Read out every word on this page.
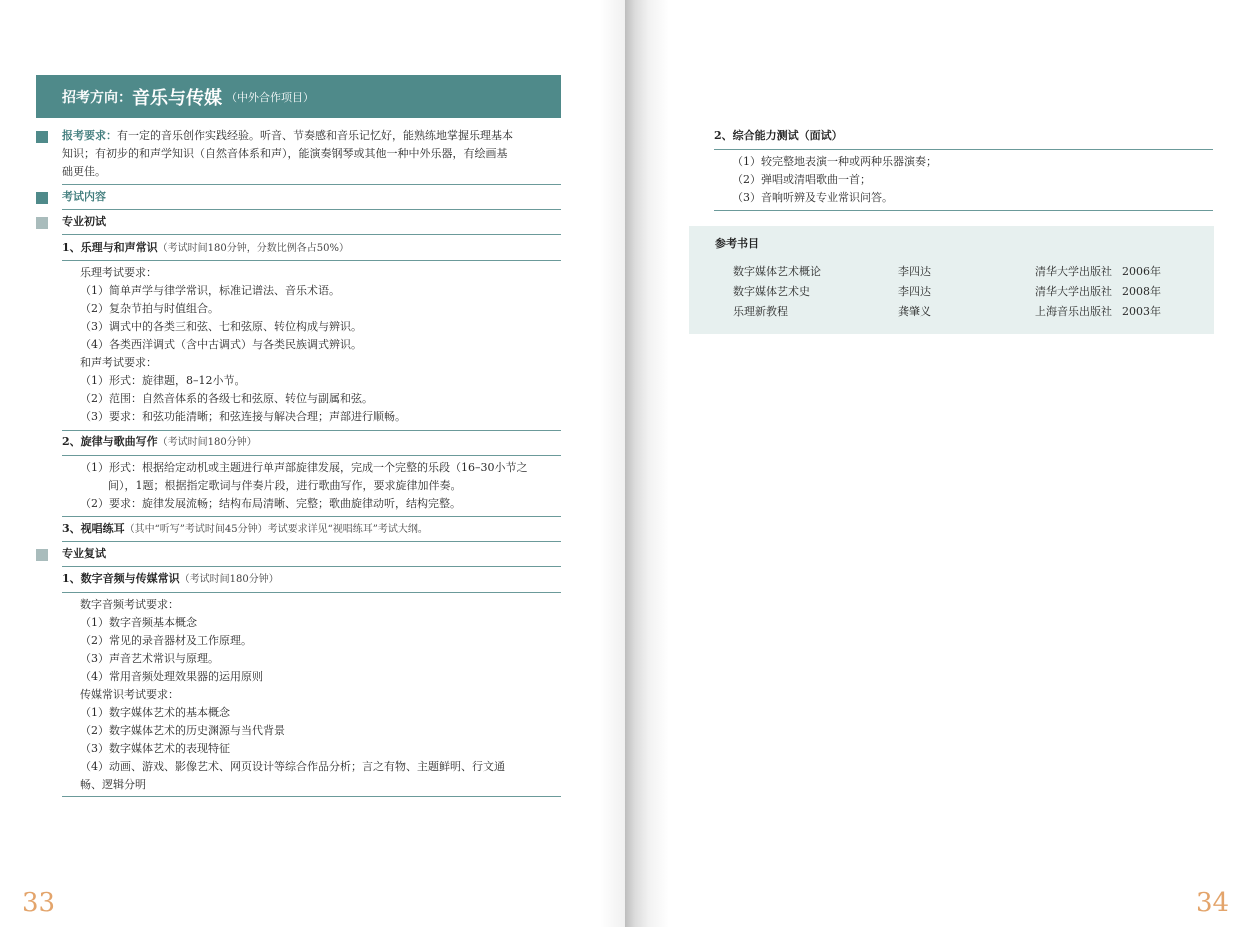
招考方向： 音乐与传媒 （中外合作项目）
报考要求：有一定的音乐创作实践经验。听音、节奏感和音乐记忆好，能熟练地掌握乐理基本
知识；有初步的和声学知识（自然音体系和声），能演奏钢琴或其他一种中外乐器，有绘画基
础更佳。
考试内容
专业初试
1、乐理与和声常识（考试时间180分钟，分数比例各占50%）
乐理考试要求：
（1）简单声学与律学常识，标准记谱法、音乐术语。
（2）复杂节拍与时值组合。
（3）调式中的各类三和弦、七和弦原、转位构成与辨识。
（4）各类西洋调式（含中古调式）与各类民族调式辨识。
和声考试要求：
（1）形式：旋律题，8–12小节。
（2）范围：自然音体系的各级七和弦原、转位与副属和弦。
（3）要求：和弦功能清晰；和弦连接与解决合理；声部进行顺畅。
2、旋律与歌曲写作（考试时间180分钟）
（1）形式：根据给定动机或主题进行单声部旋律发展，完成一个完整的乐段（16–30小节之
间），1题；根据指定歌词与伴奏片段，进行歌曲写作，要求旋律加伴奏。
（2）要求：旋律发展流畅；结构布局清晰、完整；歌曲旋律动听，结构完整。
3、视唱练耳（其中“听写”考试时间45分钟）考试要求详见“视唱练耳”考试大纲。
专业复试
1、数字音频与传媒常识（考试时间180分钟）
数字音频考试要求：
（1）数字音频基本概念
（2）常见的录音器材及工作原理。
（3）声音艺术常识与原理。
（4）常用音频处理效果器的运用原则
传媒常识考试要求：
（1）数字媒体艺术的基本概念
（2）数字媒体艺术的历史渊源与当代背景
（3）数字媒体艺术的表现特征
（4）动画、游戏、影像艺术、网页设计等综合作品分析；言之有物、主题鲜明、行文通
畅、逻辑分明
33
2、综合能力测试（面试）
（1）较完整地表演一种或两种乐器演奏；
（2）弹唱或清唱歌曲一首；
（3）音响听辨及专业常识问答。
参考书目
数字媒体艺术概论	李四达	清华大学出版社 2006年
数字媒体艺术史	李四达	清华大学出版社 2008年
乐理新教程	龚肇义	上海音乐出版社 2003年
34
